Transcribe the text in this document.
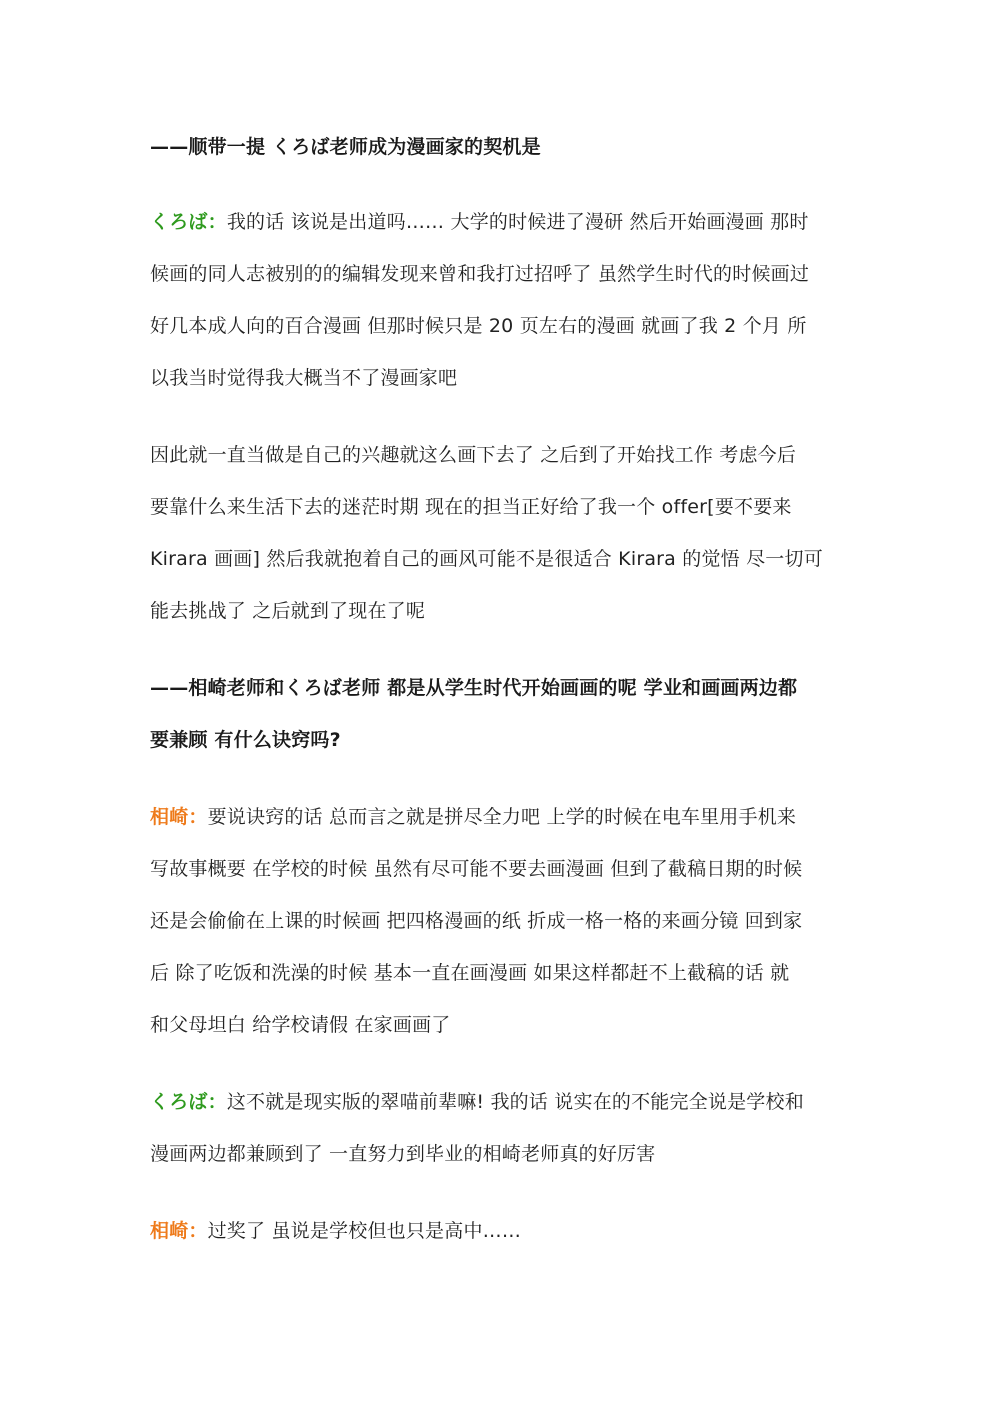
——顺带一提 くろば老师成为漫画家的契机是
くろば：我的话 该说是出道吗…… 大学的时候进了漫研 然后开始画漫画 那时
候画的同人志被别的的编辑发现来曾和我打过招呼了 虽然学生时代的时候画过
好几本成人向的百合漫画 但那时候只是 20 页左右的漫画 就画了我 2 个月 所
以我当时觉得我大概当不了漫画家吧
因此就一直当做是自己的兴趣就这么画下去了 之后到了开始找工作 考虑今后
要靠什么来生活下去的迷茫时期 现在的担当正好给了我一个 offer[要不要来
Kirara 画画] 然后我就抱着自己的画风可能不是很适合 Kirara 的觉悟 尽一切可
能去挑战了 之后就到了现在了呢
——相崎老师和くろば老师 都是从学生时代开始画画的呢 学业和画画两边都
要兼顾 有什么诀窍吗?
相崎：要说诀窍的话 总而言之就是拼尽全力吧 上学的时候在电车里用手机来
写故事概要 在学校的时候 虽然有尽可能不要去画漫画 但到了截稿日期的时候
还是会偷偷在上课的时候画 把四格漫画的纸 折成一格一格的来画分镜 回到家
后 除了吃饭和洗澡的时候 基本一直在画漫画 如果这样都赶不上截稿的话 就
和父母坦白 给学校请假 在家画画了
くろば：这不就是现实版的翠喵前辈嘛! 我的话 说实在的不能完全说是学校和
漫画两边都兼顾到了 一直努力到毕业的相崎老师真的好厉害
相崎：过奖了 虽说是学校但也只是高中……
